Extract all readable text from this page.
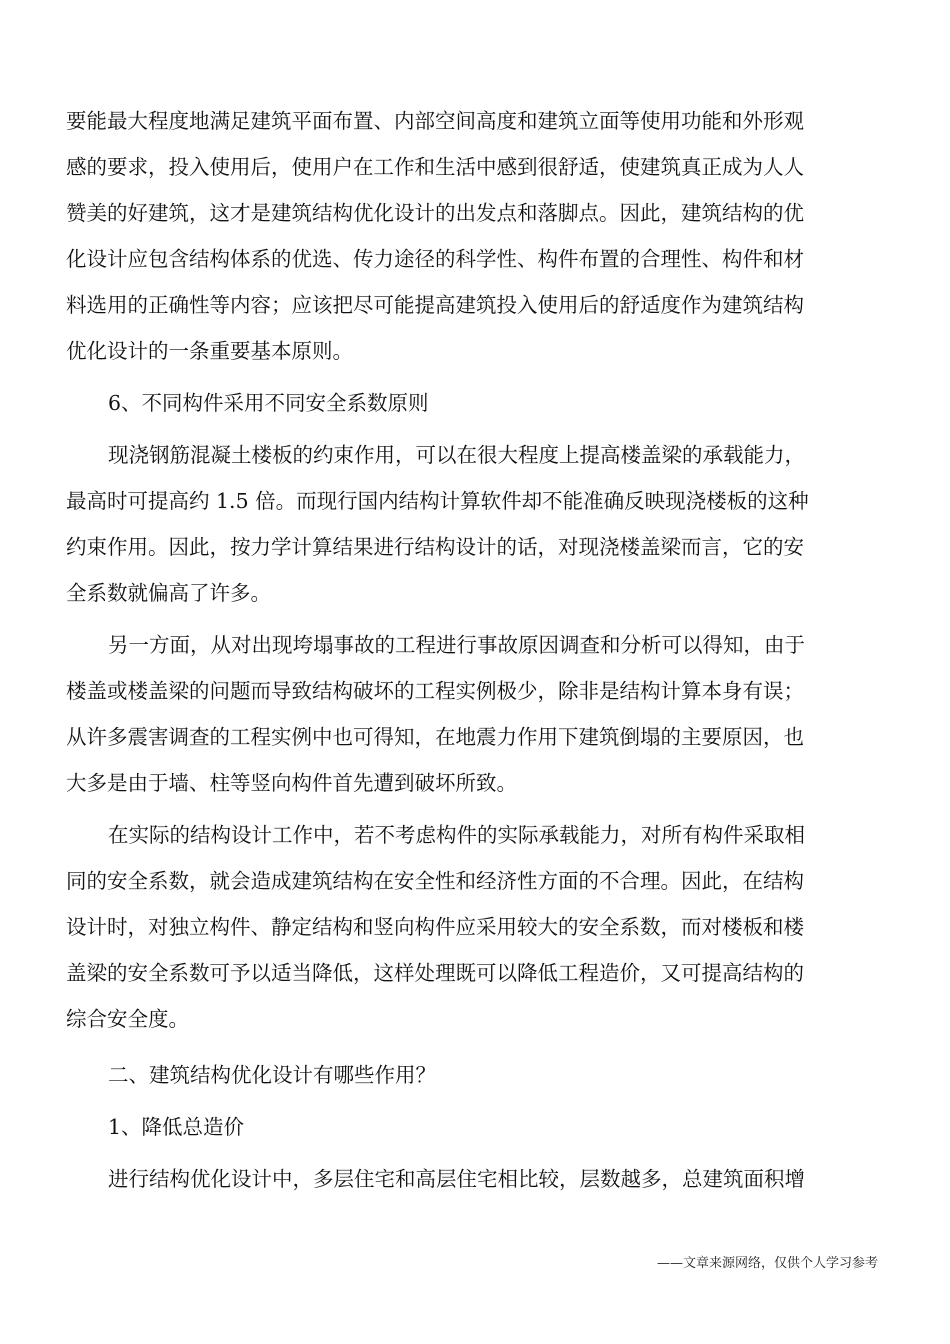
要能最大程度地满足建筑平面布置、内部空间高度和建筑立面等使用功能和外形观
感的要求，投入使用后，使用户在工作和生活中感到很舒适，使建筑真正成为人人
赞美的好建筑，这才是建筑结构优化设计的出发点和落脚点。因此，建筑结构的优
化设计应包含结构体系的优选、传力途径的科学性、构件布置的合理性、构件和材
料选用的正确性等内容；应该把尽可能提高建筑投入使用后的舒适度作为建筑结构
优化设计的一条重要基本原则。

6、不同构件采用不同安全系数原则

现浇钢筋混凝土楼板的约束作用，可以在很大程度上提高楼盖梁的承载能力，
最高时可提高约 1.5 倍。而现行国内结构计算软件却不能准确反映现浇楼板的这种
约束作用。因此，按力学计算结果进行结构设计的话，对现浇楼盖梁而言，它的安
全系数就偏高了许多。

另一方面，从对出现垮塌事故的工程进行事故原因调查和分析可以得知，由于
楼盖或楼盖梁的问题而导致结构破坏的工程实例极少，除非是结构计算本身有误；
从许多震害调查的工程实例中也可得知，在地震力作用下建筑倒塌的主要原因，也
大多是由于墙、柱等竖向构件首先遭到破坏所致。

在实际的结构设计工作中，若不考虑构件的实际承载能力，对所有构件采取相
同的安全系数，就会造成建筑结构在安全性和经济性方面的不合理。因此，在结构
设计时，对独立构件、静定结构和竖向构件应采用较大的安全系数，而对楼板和楼
盖梁的安全系数可予以适当降低，这样处理既可以降低工程造价，又可提高结构的
综合安全度。

二、建筑结构优化设计有哪些作用？

1、降低总造价

进行结构优化设计中，多层住宅和高层住宅相比较，层数越多，总建筑面积增

——文章来源网络，仅供个人学习参考
